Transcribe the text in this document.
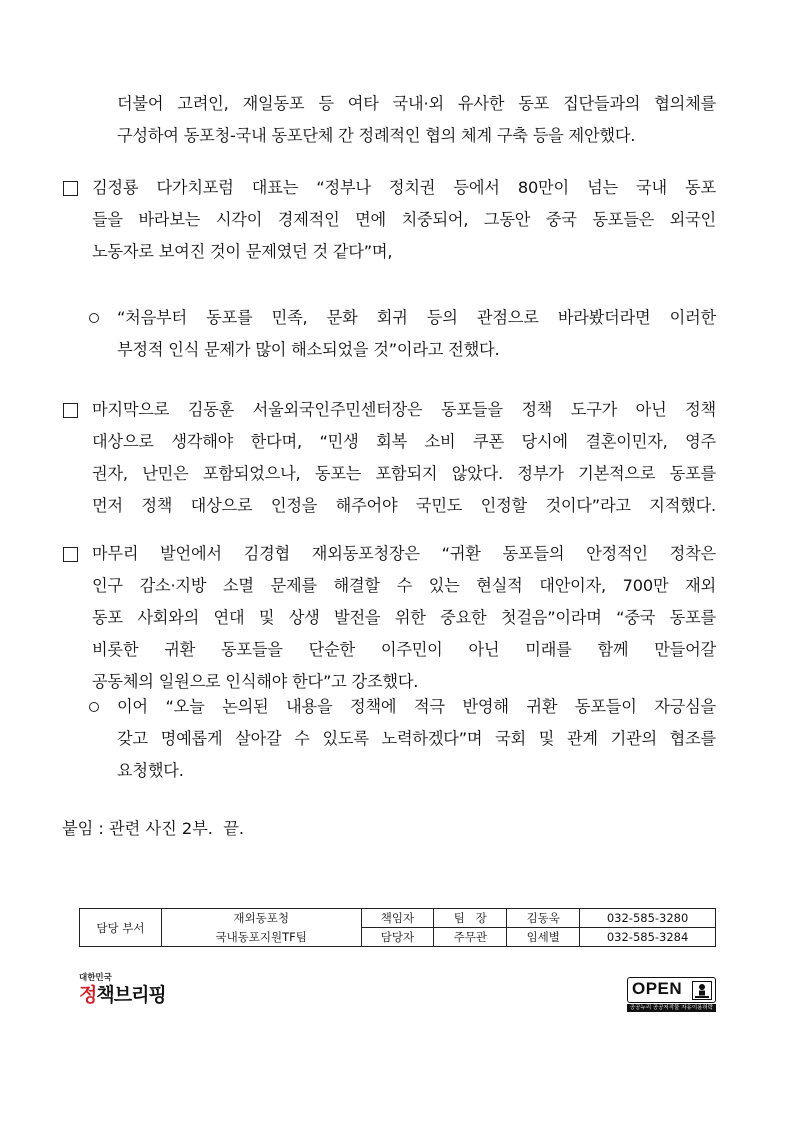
더불어 고려인, 재일동포 등 여타 국내·외 유사한 동포 집단들과의 협의체를
구성하여 동포청-국내 동포단체 간 정례적인 협의 체계 구축 등을 제안했다.
김정룡 다가치포럼 대표는 “정부나 정치권 등에서 80만이 넘는 국내 동포
들을 바라보는 시각이 경제적인 면에 치중되어, 그동안 중국 동포들은 외국인
노동자로 보여진 것이 문제였던 것 같다”며,
“처음부터 동포를 민족, 문화 회귀 등의 관점으로 바라봤더라면 이러한
부정적 인식 문제가 많이 해소되었을 것”이라고 전했다.
마지막으로 김동훈 서울외국인주민센터장은 동포들을 정책 도구가 아닌 정책
대상으로 생각해야 한다며, “민생 회복 소비 쿠폰 당시에 결혼이민자, 영주
권자, 난민은 포함되었으나, 동포는 포함되지 않았다. 정부가 기본적으로 동포를
먼저 정책 대상으로 인정을 해주어야 국민도 인정할 것이다”라고 지적했다.
마무리 발언에서 김경협 재외동포청장은 “귀환 동포들의 안정적인 정착은
인구 감소·지방 소멸 문제를 해결할 수 있는 현실적 대안이자, 700만 재외
동포 사회와의 연대 및 상생 발전을 위한 중요한 첫걸음”이라며 “중국 동포를
비롯한 귀환 동포들을 단순한 이주민이 아닌 미래를 함께 만들어갈
공동체의 일원으로 인식해야 한다”고 강조했다.
이어 “오늘 논의된 내용을 정책에 적극 반영해 귀환 동포들이 자긍심을
갖고 명예롭게 살아갈 수 있도록 노력하겠다”며 국회 및 관계 기관의 협조를
요청했다.
붙임 : 관련 사진 2부.  끝.
담당 부서	재외동포청	책임자	팀   장	김동욱	032-585-3280
	국내동포지원TF팀	담당자	주무관	임세별	032-585-3284
대한민국
정책브리핑	OPEN
공공누리 공공저작물 자유이용허락
